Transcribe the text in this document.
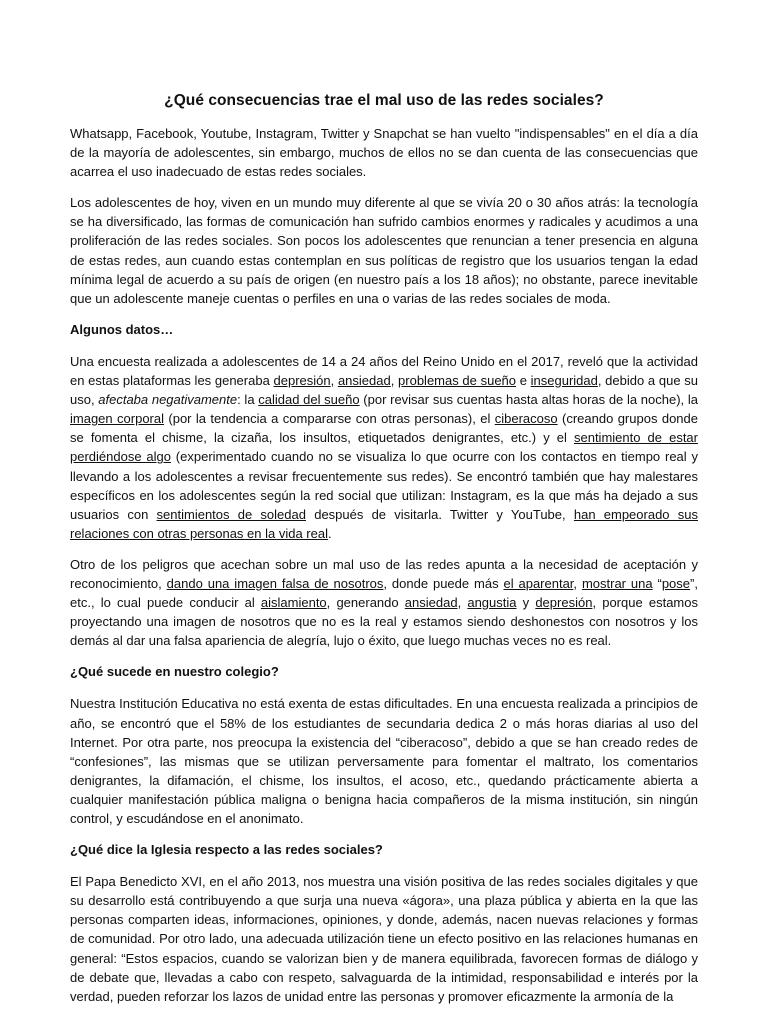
¿Qué consecuencias trae el mal uso de las redes sociales?

Whatsapp, Facebook, Youtube, Instagram, Twitter y Snapchat se han vuelto "indispensables" en el día a día de la mayoría de adolescentes, sin embargo, muchos de ellos no se dan cuenta de las consecuencias que acarrea el uso inadecuado de estas redes sociales.

Los adolescentes de hoy, viven en un mundo muy diferente al que se vivía 20 o 30 años atrás: la tecnología se ha diversificado, las formas de comunicación han sufrido cambios enormes y radicales y acudimos a una proliferación de las redes sociales. Son pocos los adolescentes que renuncian a tener presencia en alguna de estas redes, aun cuando estas contemplan en sus políticas de registro que los usuarios tengan la edad mínima legal de acuerdo a su país de origen (en nuestro país a los 18 años); no obstante, parece inevitable que un adolescente maneje cuentas o perfiles en una o varias de las redes sociales de moda.

Algunos datos…

Una encuesta realizada a adolescentes de 14 a 24 años del Reino Unido en el 2017, reveló que la actividad en estas plataformas les generaba depresión, ansiedad, problemas de sueño e inseguridad, debido a que su uso, afectaba negativamente: la calidad del sueño (por revisar sus cuentas hasta altas horas de la noche), la imagen corporal (por la tendencia a compararse con otras personas), el ciberacoso (creando grupos donde se fomenta el chisme, la cizaña, los insultos, etiquetados denigrantes, etc.) y el sentimiento de estar perdiéndose algo (experimentado cuando no se visualiza lo que ocurre con los contactos en tiempo real y llevando a los adolescentes a revisar frecuentemente sus redes). Se encontró también que hay malestares específicos en los adolescentes según la red social que utilizan: Instagram, es la que más ha dejado a sus usuarios con sentimientos de soledad después de visitarla. Twitter y YouTube, han empeorado sus relaciones con otras personas en la vida real.

Otro de los peligros que acechan sobre un mal uso de las redes apunta a la necesidad de aceptación y reconocimiento, dando una imagen falsa de nosotros, donde puede más el aparentar, mostrar una “pose”, etc., lo cual puede conducir al aislamiento, generando ansiedad, angustia y depresión, porque estamos proyectando una imagen de nosotros que no es la real y estamos siendo deshonestos con nosotros y los demás al dar una falsa apariencia de alegría, lujo o éxito, que luego muchas veces no es real.

¿Qué sucede en nuestro colegio?

Nuestra Institución Educativa no está exenta de estas dificultades. En una encuesta realizada a principios de año, se encontró que el 58% de los estudiantes de secundaria dedica 2 o más horas diarias al uso del Internet. Por otra parte, nos preocupa la existencia del “ciberacoso”, debido a que se han creado redes de “confesiones”, las mismas que se utilizan perversamente para fomentar el maltrato, los comentarios denigrantes, la difamación, el chisme, los insultos, el acoso, etc., quedando prácticamente abierta a cualquier manifestación pública maligna o benigna hacia compañeros de la misma institución, sin ningún control, y escudándose en el anonimato.

¿Qué dice la Iglesia respecto a las redes sociales?

El Papa Benedicto XVI, en el año 2013, nos muestra una visión positiva de las redes sociales digitales y que su desarrollo está contribuyendo a que surja una nueva «ágora», una plaza pública y abierta en la que las personas comparten ideas, informaciones, opiniones, y donde, además, nacen nuevas relaciones y formas de comunidad. Por otro lado, una adecuada utilización tiene un efecto positivo en las relaciones humanas en general: “Estos espacios, cuando se valorizan bien y de manera equilibrada, favorecen formas de diálogo y de debate que, llevadas a cabo con respeto, salvaguarda de la intimidad, responsabilidad e interés por la verdad, pueden reforzar los lazos de unidad entre las personas y promover eficazmente la armonía de la
